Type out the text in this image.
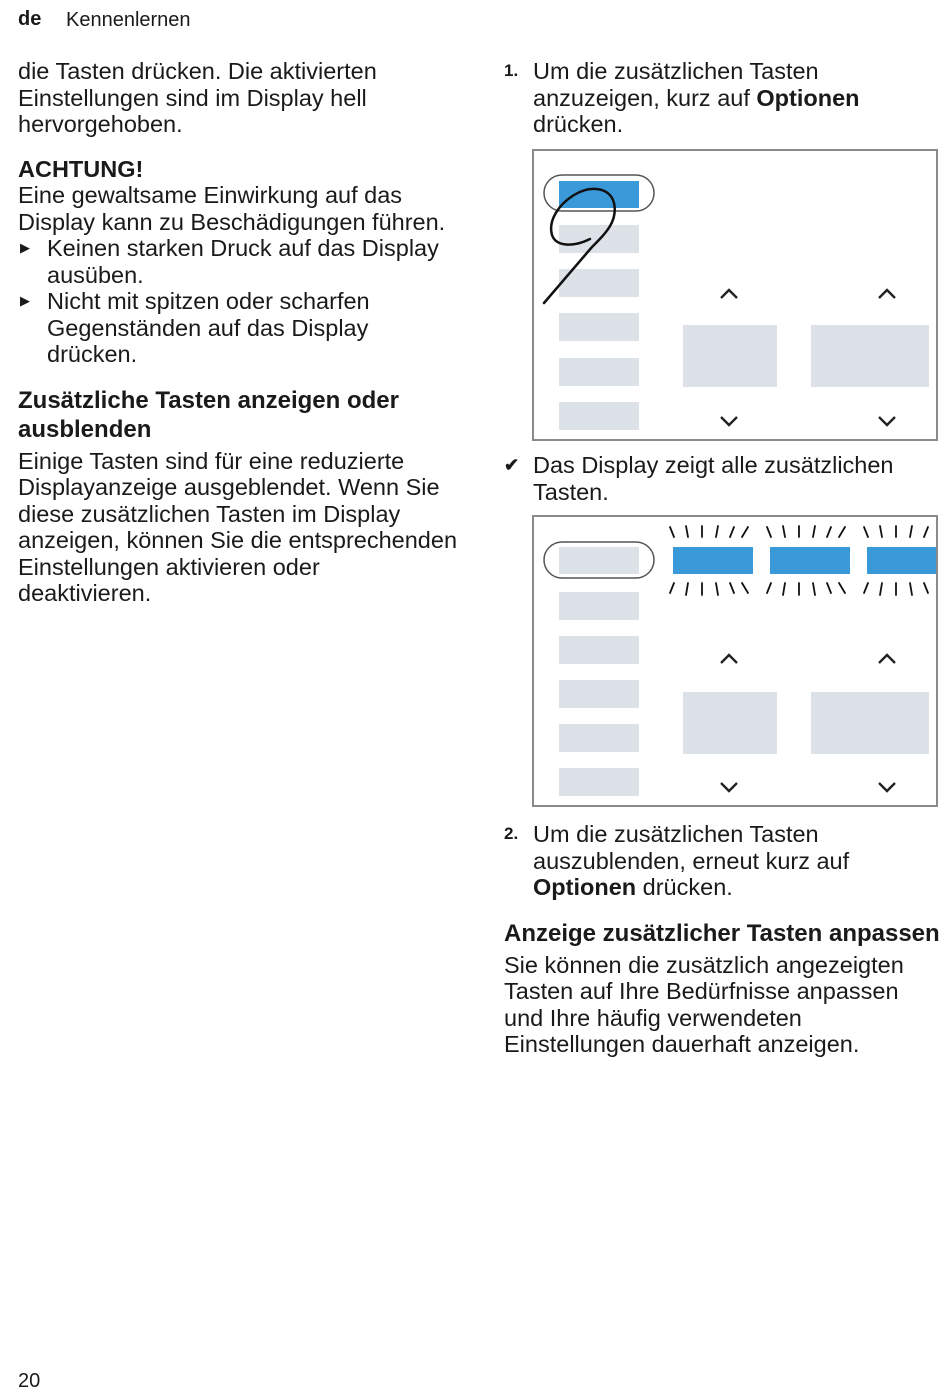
de Kennenlernen

die Tasten drücken. Die aktivierten Einstellungen sind im Display hell hervorgehoben.

ACHTUNG!

Eine gewaltsame Einwirkung auf das Display kann zu Beschädigungen führen.

▶ Keinen starken Druck auf das Display ausüben.
▶ Nicht mit spitzen oder scharfen Gegenständen auf das Display drücken.
Zusätzliche Tasten anzeigen oder ausblenden

Einige Tasten sind für eine reduzierte Displayanzeige ausgeblendet. Wenn Sie diese zusätzlichen Tasten im Display anzeigen, können Sie die entsprechenden Einstellungen aktivieren oder deaktivieren.

1. Um die zusätzlichen Tasten anzuzeigen, kurz auf Optionen drücken.
✔ Das Display zeigt alle zusätzlichen Tasten.
2. Um die zusätzlichen Tasten auszublenden, erneut kurz auf Optionen drücken.
Anzeige zusätzlicher Tasten anpassen

Sie können die zusätzlich angezeigten Tasten auf Ihre Bedürfnisse anpassen und Ihre häufig verwendeten Einstellungen dauerhaft anzeigen.

20
